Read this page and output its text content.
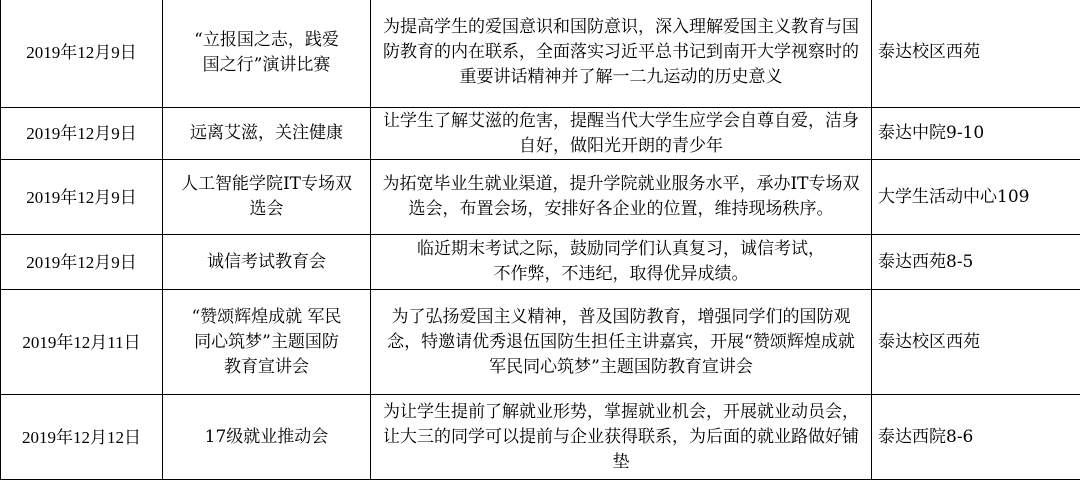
2019年12月9日	“立报国之志，践爱国之行”演讲比赛	为提高学生的爱国意识和国防意识，深入理解爱国主义教育与国防教育的内在联系，全面落实习近平总书记到南开大学视察时的重要讲话精神并了解一二九运动的历史意义	泰达校区西苑
2019年12月9日	远离艾滋，关注健康	让学生了解艾滋的危害，提醒当代大学生应学会自尊自爱，洁身自好，做阳光开朗的青少年	泰达中院9-10
2019年12月9日	人工智能学院IT专场双选会	为拓宽毕业生就业渠道，提升学院就业服务水平，承办IT专场双选会，布置会场，安排好各企业的位置，维持现场秩序。	大学生活动中心109
2019年12月9日	诚信考试教育会	临近期末考试之际，鼓励同学们认真复习，诚信考试，不作弊，不违纪，取得优异成绩。	泰达西苑8-5
2019年12月11日	“赞颂辉煌成就 军民同心筑梦”主题国防教育宣讲会	为了弘扬爱国主义精神，普及国防教育，增强同学们的国防观念，特邀请优秀退伍国防生担任主讲嘉宾，开展“赞颂辉煌成就 军民同心筑梦”主题国防教育宣讲会	泰达校区西苑
2019年12月12日	17级就业推动会	为让学生提前了解就业形势，掌握就业机会，开展就业动员会，让大三的同学可以提前与企业获得联系，为后面的就业路做好铺垫	泰达西院8-6
